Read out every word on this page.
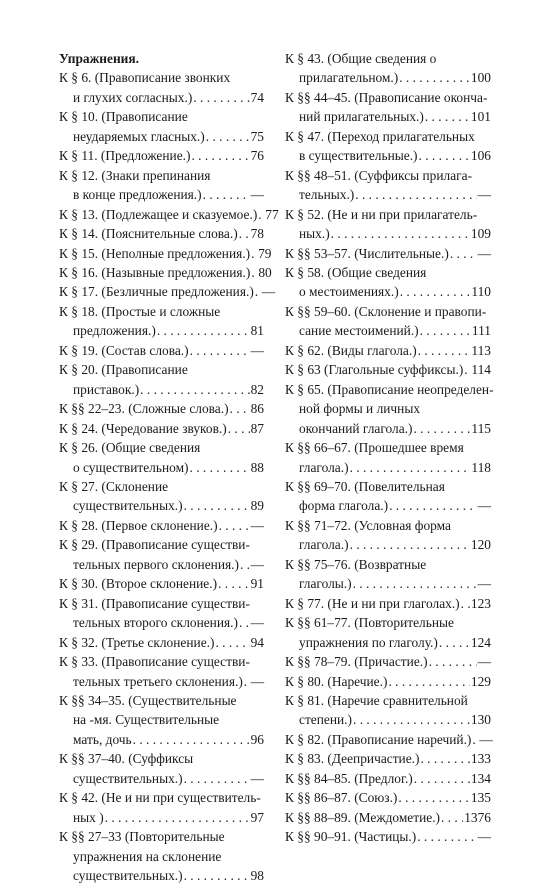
Упражнения.

К § 6. (Правописание звонких
и глухих согласных.) . . .	74
К § 10. (Правописание
неударяемых гласных.) . . .	75
К § 11. (Предложение.) . . .	76
К § 12. (Знаки препинания
в конце предложения.) . . .	—
К § 13. (Подлежащее и сказуемое.) . . . 77
К § 14. (Пояснительные слова.) . . . 78
К § 15. (Неполные предложения.) . . . 79
К § 16. (Назывные предложения.) . . . 80
К § 17. (Безличные предложения.) . . . —
К § 18. (Простые и сложные
предложения.) . . .	81
К § 19. (Состав слова.) . . .	—
К § 20. (Правописание
приставок.) . . .	82
К §§ 22–23. (Сложные слова.) . . . 86
К § 24. (Чередование звуков.) . . . 87
К § 26. (Общие сведения
о существительном) . . .	88
К § 27. (Склонение
существительных.) . . .	89
К § 28. (Первое склонение.) . . . —
К § 29. (Правописание существи-
тельных первого склонения.) . . . —
К § 30. (Второе склонение.) . . .	91
К § 31. (Правописание существи-
тельных второго склонения.) . . . —
К § 32. (Третье склонение.) . . .	94
К § 33. (Правописание существи-
тельных третьего склонения.) . . . —
К §§ 34–35. (Существительные
на -мя. Существительные
мать, дочь . . .	96
К §§ 37–40. (Суффиксы
существительных.) . . .	—
К § 42. (Не и ни при существитель-
ных ) . . .	97
К §§ 27–33 (Повторительные
упражнения на склонение
существительных.) . . .	98
К § 43. (Общие сведения о
прилагательном.) . . .	100
К §§ 44–45. (Правописание оконча-
ний прилагательных.) . . .	101
К § 47. (Переход прилагательных
в существительные.) . . .	106
К §§ 48–51. (Суффиксы прилага-
тельных.) . . .	—
К § 52. (Не и ни при прилагатель-
ных.) . . .	109
К §§ 53–57. (Числительные.) . . . —
К § 58. (Общие сведения
о местоимениях.) . . .	110
К §§ 59–60. (Склонение и правопи-
сание местоимений.) . . .	111
К § 62. (Виды глагола.) . . .	113
К § 63 (Глагольные суффиксы.) . . . 114
К § 65. (Правописание неопределен-
ной формы и личных
окончаний глагола.) . . .	115
К §§ 66–67. (Прошедшее время
глагола.) . . .	118
К §§ 69–70. (Повелительная
форма глагола.) . . .	—
К §§ 71–72. (Условная форма
глагола.) . . .	120
К §§ 75–76. (Возвратные
глаголы.) . . .	—
К § 77. (Не и ни при глаголах.) . . . 123
К §§ 61–77. (Повторительные
упражнения по глаголу.) . . . 124
К §§ 78–79. (Причастие.) . . .	—
К § 80. (Наречие.) . . .	129
К § 81. (Наречие сравнительной
степени.) . . .	130
К § 82. (Правописание наречий.) . . . —
К § 83. (Деепричастие.) . . .	133
К §§ 84–85. (Предлог.) . . .	134
К §§ 86–87. (Союз.) . . .	135
К §§ 88–89. (Междометие.) . . . 1376
К §§ 90–91. (Частицы.) . . .	—
